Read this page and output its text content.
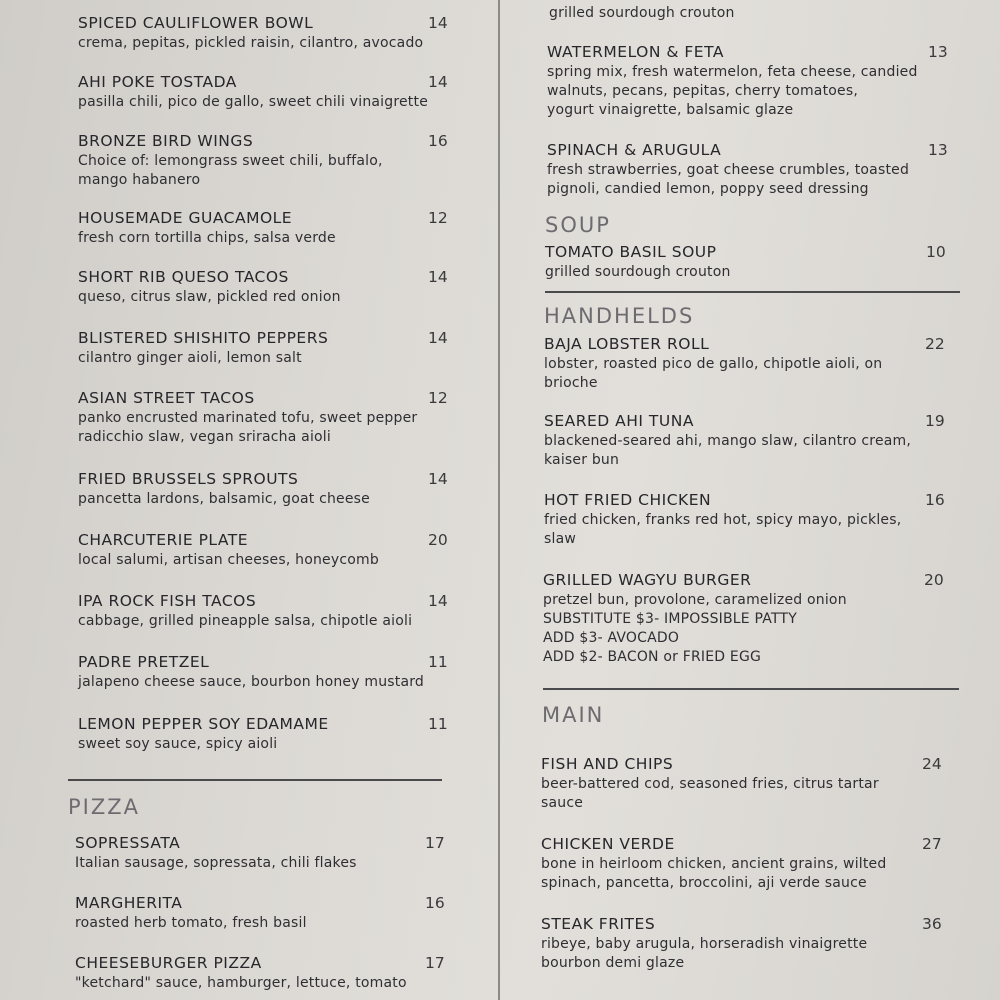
SPICED CAULIFLOWER BOWL	14
crema, pepitas, pickled raisin, cilantro, avocado
AHI POKE TOSTADA	14
pasilla chili, pico de gallo, sweet chili vinaigrette
BRONZE BIRD WINGS	16
Choice of: lemongrass sweet chili, buffalo,
mango habanero
HOUSEMADE GUACAMOLE	12
fresh corn tortilla chips, salsa verde
SHORT RIB QUESO TACOS	14
queso, citrus slaw, pickled red onion
BLISTERED SHISHITO PEPPERS	14
cilantro ginger aioli, lemon salt
ASIAN STREET TACOS	12
panko encrusted marinated tofu, sweet pepper
radicchio slaw, vegan sriracha aioli
FRIED BRUSSELS SPROUTS	14
pancetta lardons, balsamic, goat cheese
CHARCUTERIE PLATE	20
local salumi, artisan cheeses, honeycomb
IPA ROCK FISH TACOS	14
cabbage, grilled pineapple salsa, chipotle aioli
PADRE PRETZEL	11
jalapeno cheese sauce, bourbon honey mustard
LEMON PEPPER SOY EDAMAME	11
sweet soy sauce, spicy aioli
PIZZA
SOPRESSATA	17
Italian sausage, sopressata, chili flakes
MARGHERITA	16
roasted herb tomato, fresh basil
CHEESEBURGER PIZZA	17
"ketchard" sauce, hamburger, lettuce, tomato
grilled sourdough crouton
WATERMELON & FETA	13
spring mix, fresh watermelon, feta cheese, candied
walnuts, pecans, pepitas, cherry tomatoes,
yogurt vinaigrette, balsamic glaze
SPINACH & ARUGULA	13
fresh strawberries, goat cheese crumbles, toasted
pignoli, candied lemon, poppy seed dressing
SOUP
TOMATO BASIL SOUP	10
grilled sourdough crouton
HANDHELDS
BAJA LOBSTER ROLL	22
lobster, roasted pico de gallo, chipotle aioli, on
brioche
SEARED AHI TUNA	19
blackened-seared ahi, mango slaw, cilantro cream,
kaiser bun
HOT FRIED CHICKEN	16
fried chicken, franks red hot, spicy mayo, pickles,
slaw
GRILLED WAGYU BURGER	20
pretzel bun, provolone, caramelized onion
SUBSTITUTE $3- IMPOSSIBLE PATTY
ADD $3- AVOCADO
ADD $2- BACON or FRIED EGG
MAIN
FISH AND CHIPS	24
beer-battered cod, seasoned fries, citrus tartar
sauce
CHICKEN VERDE	27
bone in heirloom chicken, ancient grains, wilted
spinach, pancetta, broccolini, aji verde sauce
STEAK FRITES	36
ribeye, baby arugula, horseradish vinaigrette
bourbon demi glaze
